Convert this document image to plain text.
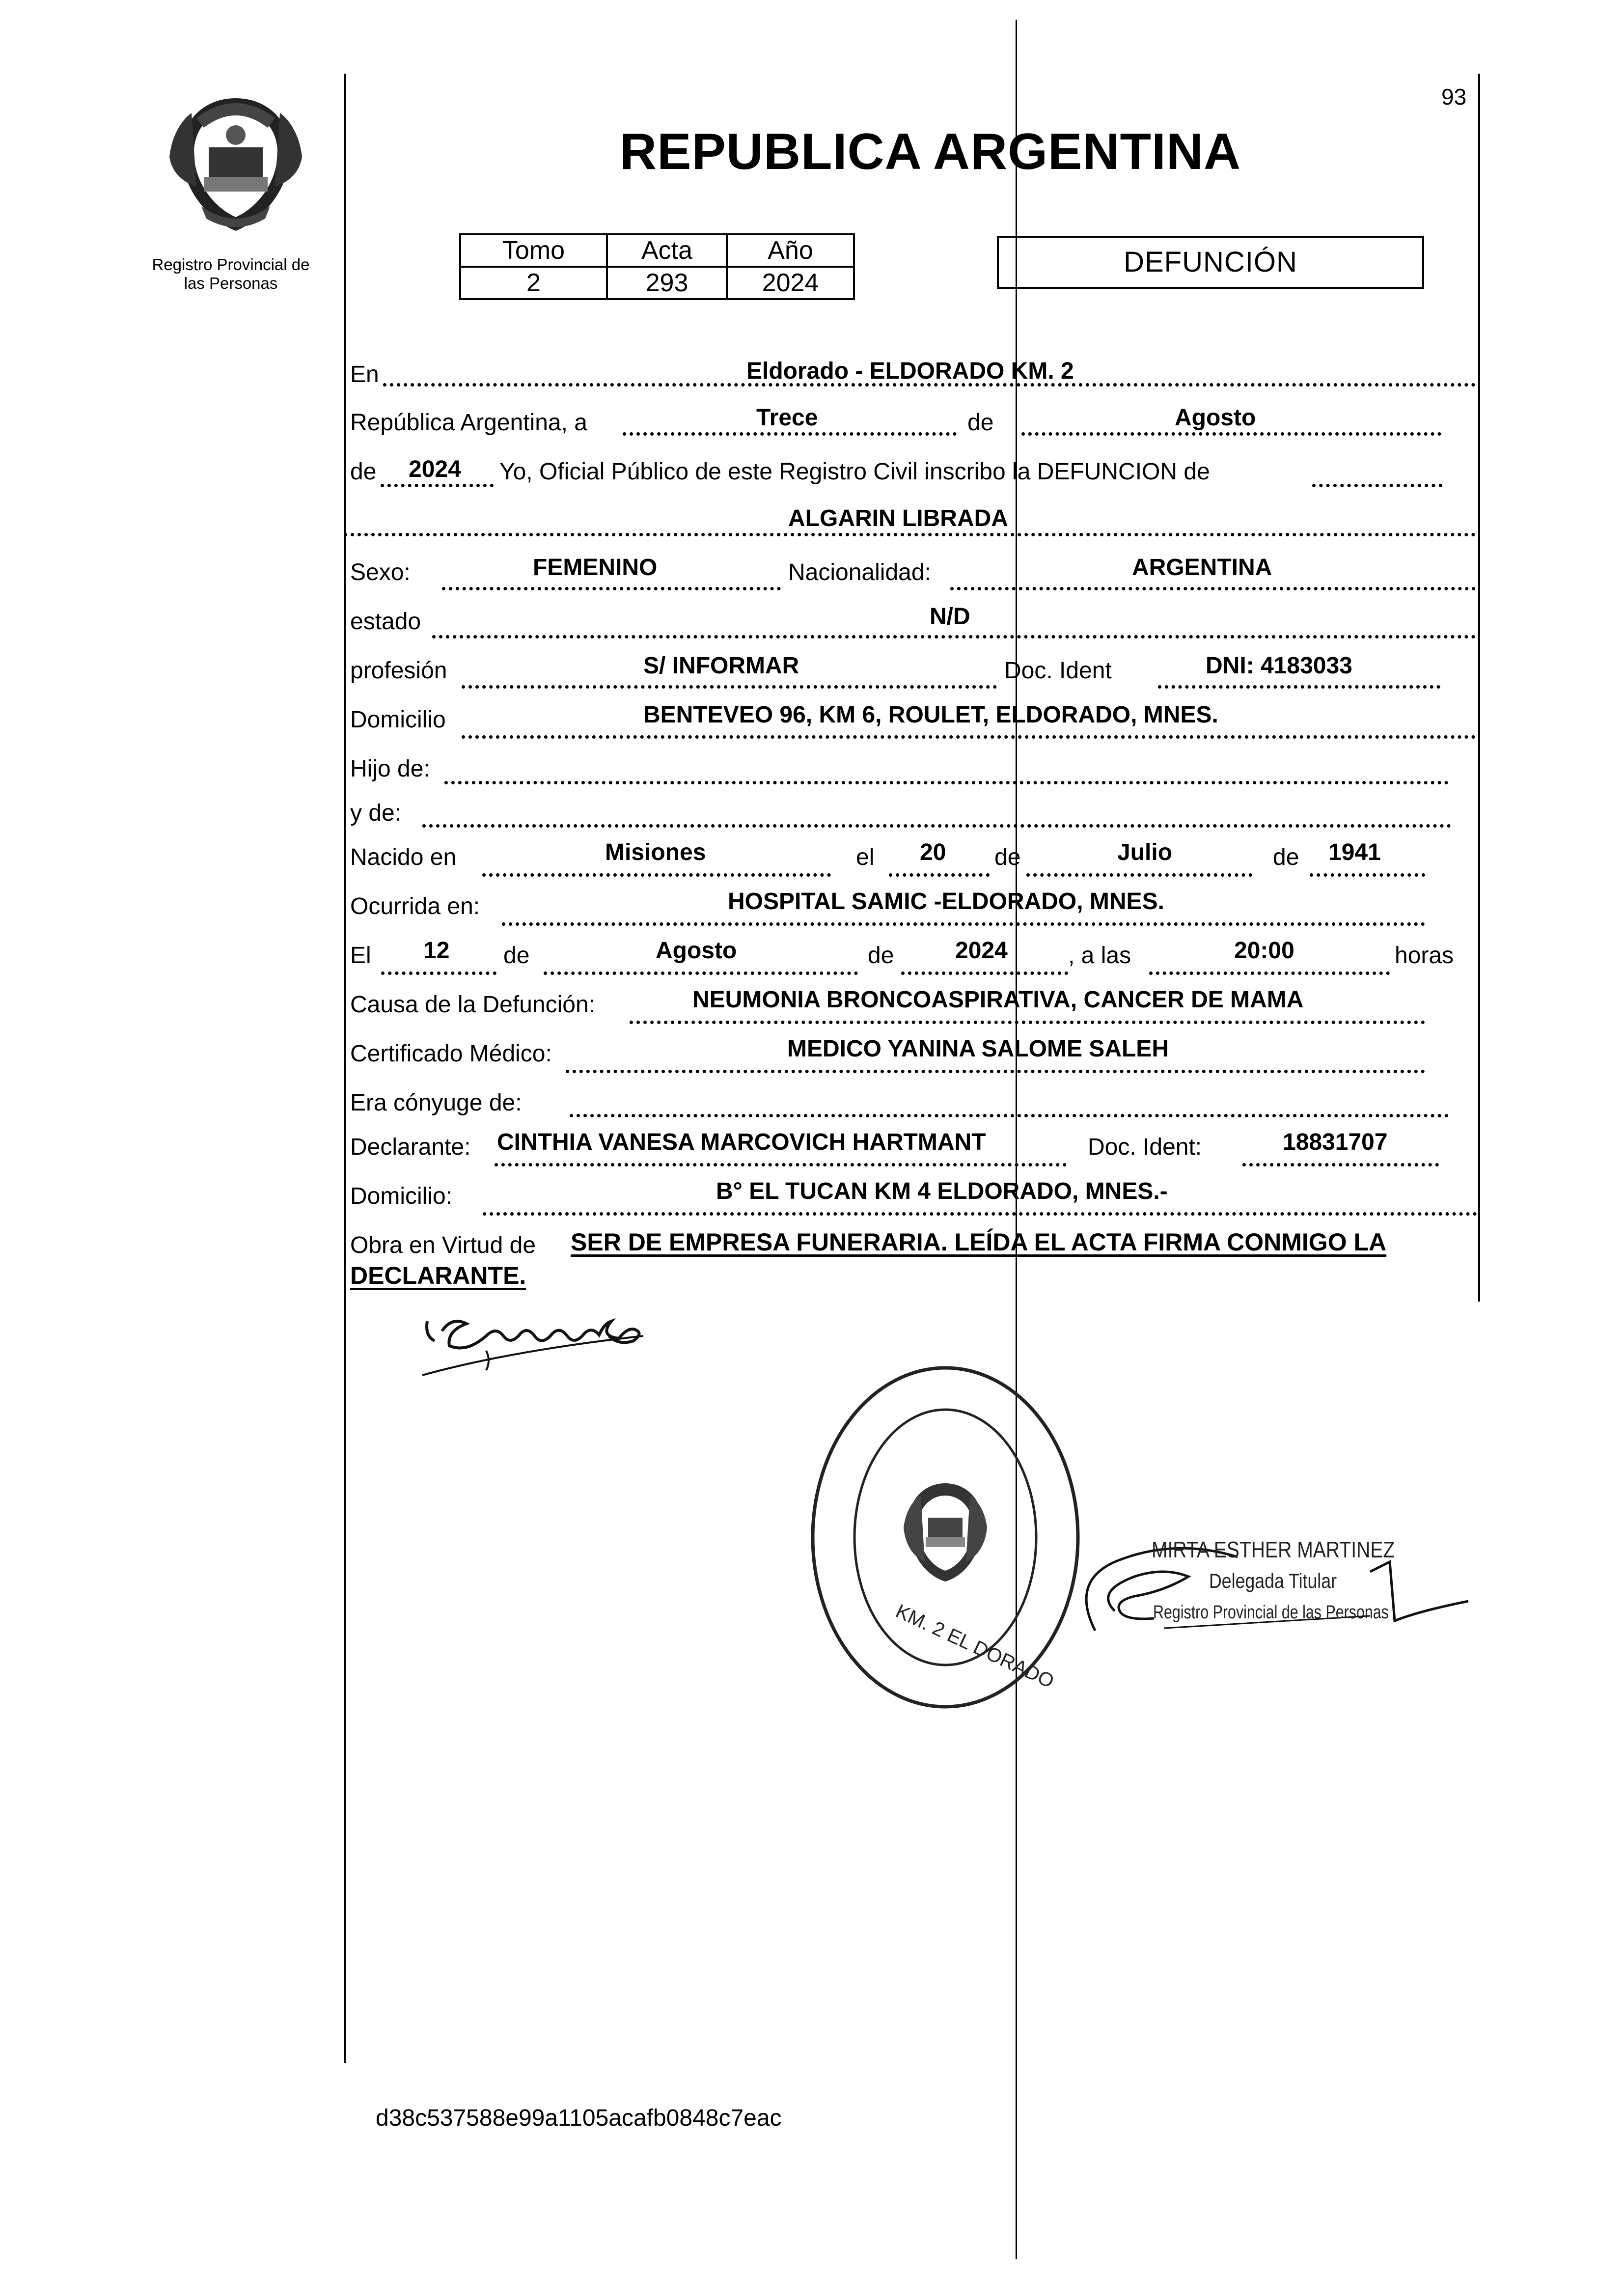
93
Registro Provincial de
las Personas
REPUBLICA ARGENTINA
Tomo	Acta	Año
2	293	2024
DEFUNCIÓN
En	Eldorado - ELDORADO KM. 2
República Argentina, a	Trece	de	Agosto
de 2024 Yo, Oficial Público de este Registro Civil inscribo la DEFUNCION de
ALGARIN LIBRADA
Sexo:	FEMENINO	Nacionalidad:	ARGENTINA
estado	N/D
profesión	S/ INFORMAR	Doc. Ident	DNI: 4183033
Domicilio	BENTEVEO 96, KM 6, ROULET, ELDORADO, MNES.
Hijo de:
y de:
Nacido en	Misiones	el 20 de	Julio	de 1941
Ocurrida en:	HOSPITAL SAMIC -ELDORADO, MNES.
El 12 de	Agosto	de	2024	, a las	20:00	horas
Causa de la Defunción:	NEUMONIA BRONCOASPIRATIVA, CANCER DE MAMA
Certificado Médico:	MEDICO YANINA SALOME SALEH
Era cónyuge de:
Declarante: CINTHIA VANESA MARCOVICH HARTMANT	Doc. Ident:	18831707
Domicilio:	B° EL TUCAN KM 4 ELDORADO, MNES.-
Obra en Virtud de SER DE EMPRESA FUNERARIA. LEÍDA EL ACTA FIRMA CONMIGO LA
DECLARANTE.
KM. 2 EL DORADO
MIRTA ESTHER MARTINEZ
Delegada Titular
Registro Provincial de las Personas
d38c537588e99a1105acafb0848c7eac
